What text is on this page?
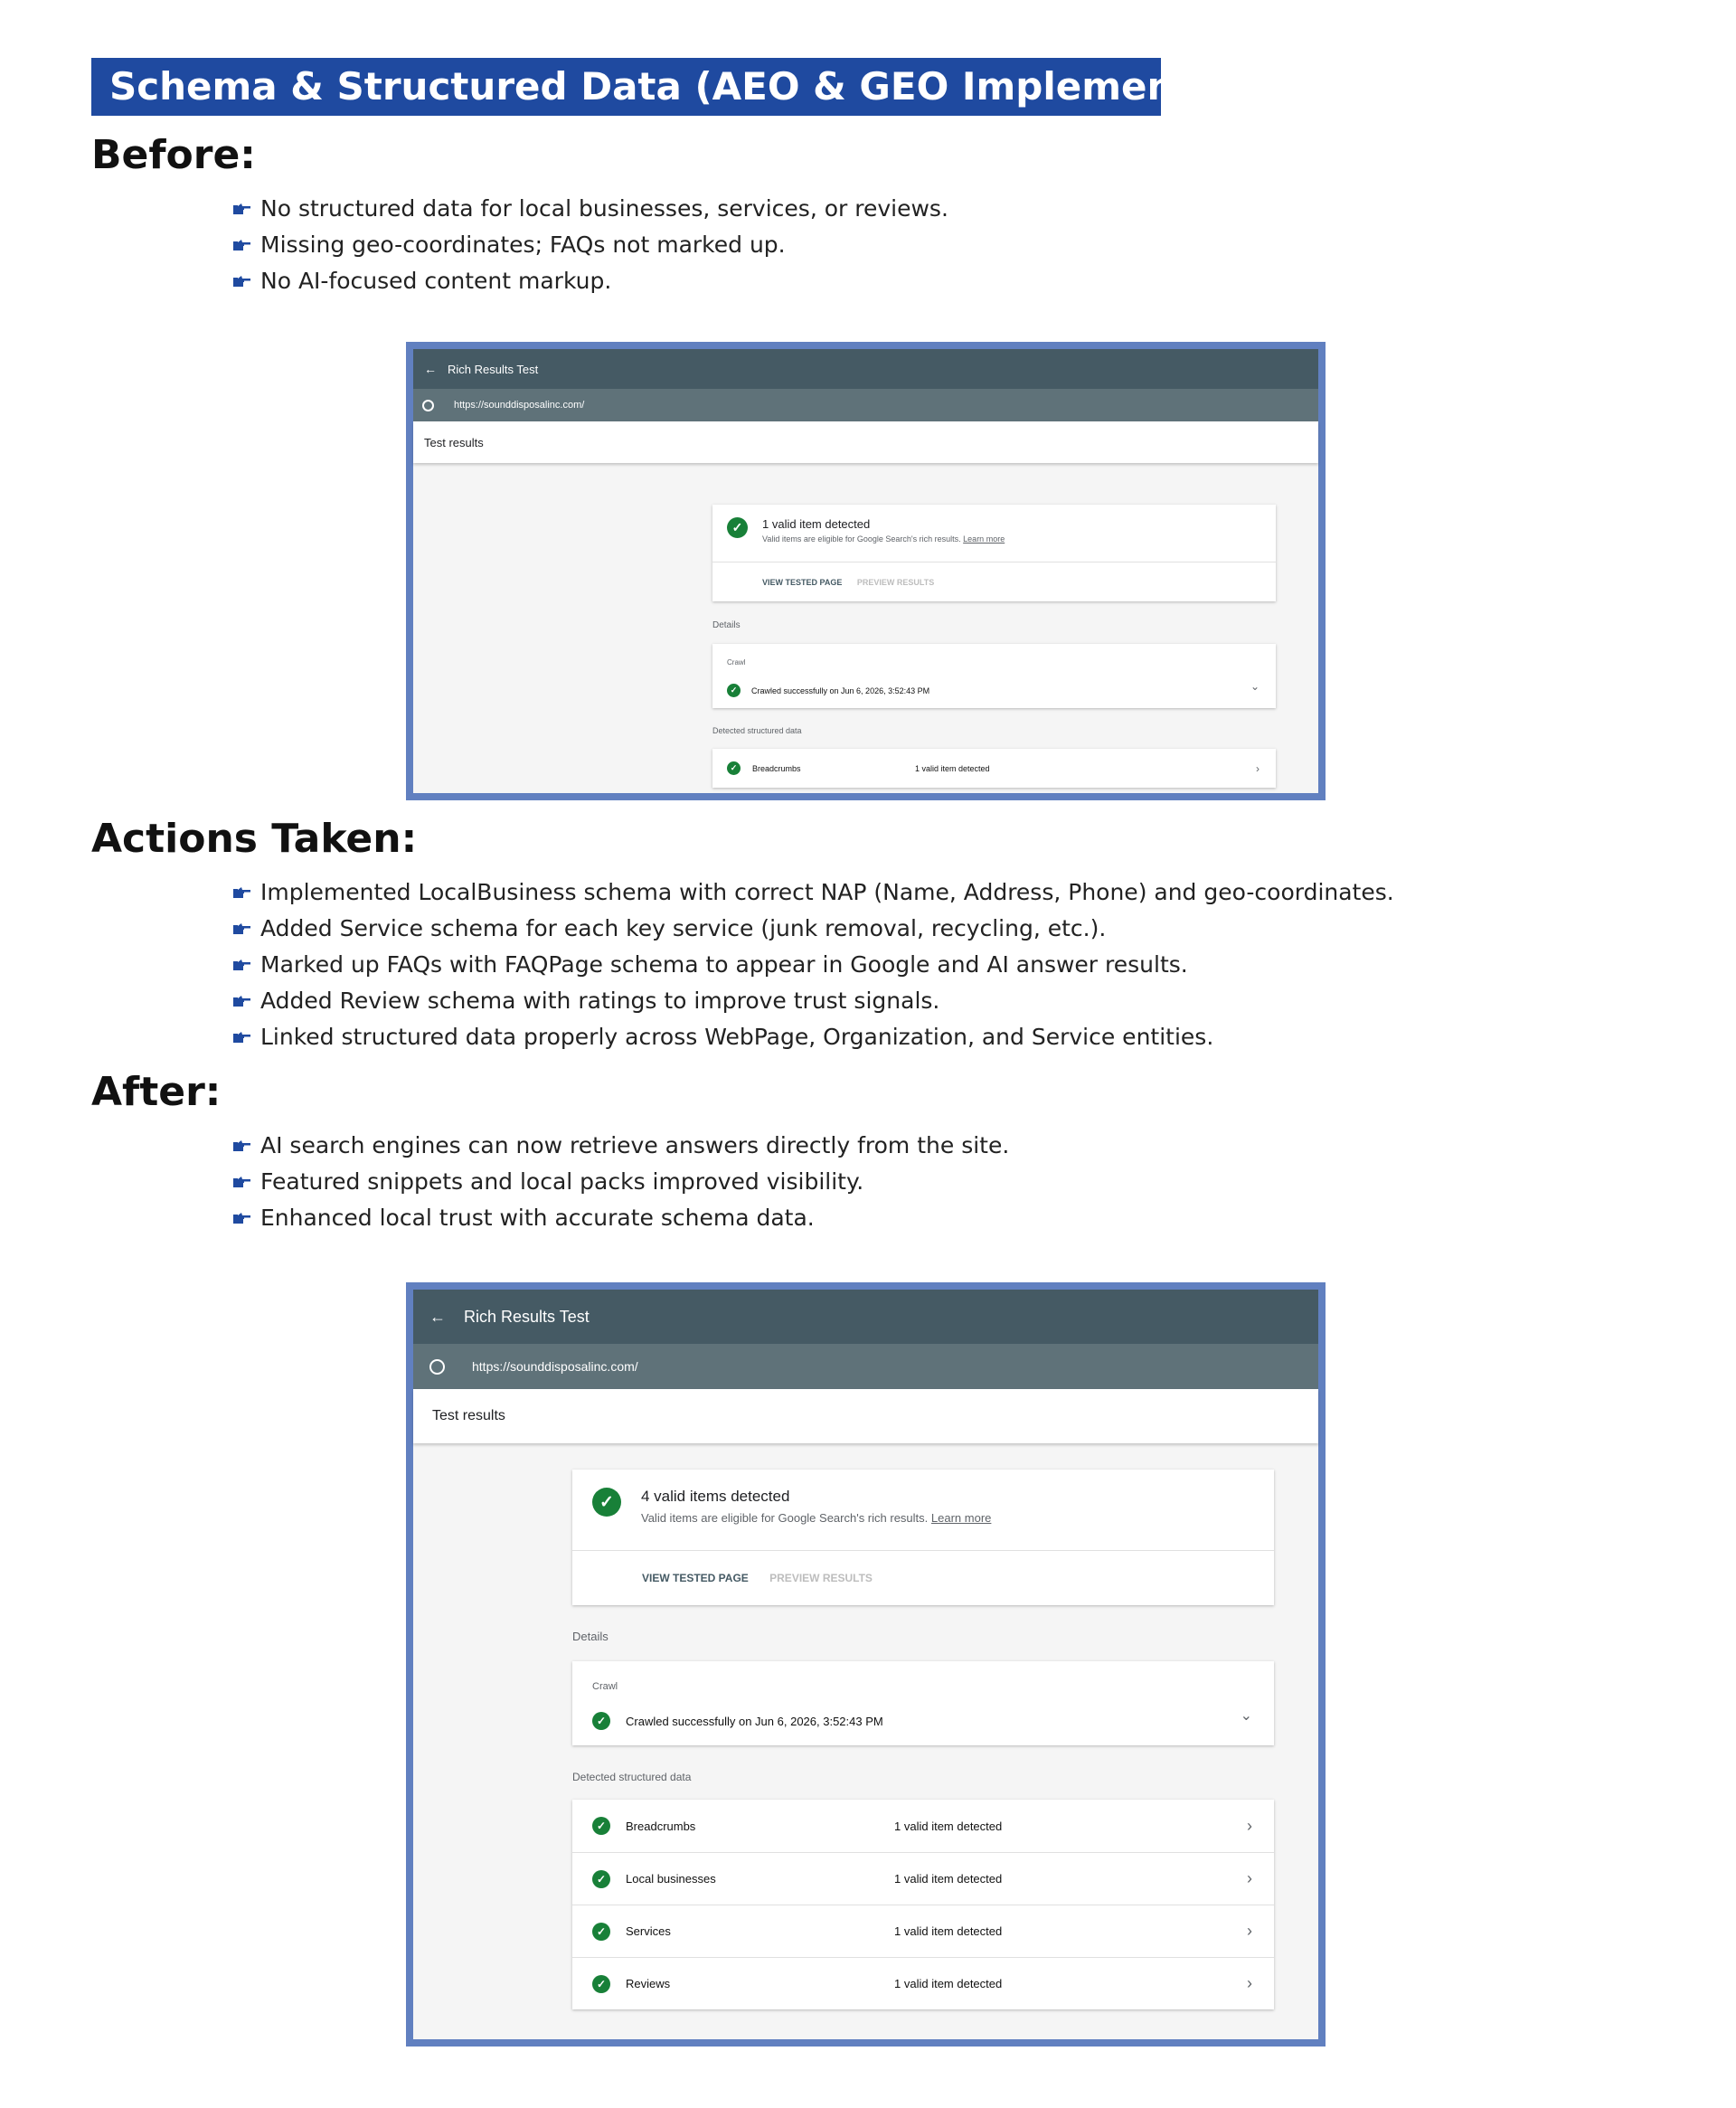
Schema & Structured Data (AEO & GEO Implementation)
Before:
No structured data for local businesses, services, or reviews.
Missing geo-coordinates; FAQs not marked up.
No AI-focused content markup.
← Rich Results Test
https://sounddisposalinc.com/
Test results
✓	1 valid item detected
Valid items are eligible for Google Search's rich results. Learn more
VIEW TESTED PAGE PREVIEW RESULTS
Details
Crawl
✓	Crawled successfully on Jun 6, 2026, 3:52:43 PM	⌄
Detected structured data
✓	Breadcrumbs	1 valid item detected	›
Actions Taken:
Implemented LocalBusiness schema with correct NAP (Name, Address, Phone) and geo-coordinates.
Added Service schema for each key service (junk removal, recycling, etc.).
Marked up FAQs with FAQPage schema to appear in Google and AI answer results.
Added Review schema with ratings to improve trust signals.
Linked structured data properly across WebPage, Organization, and Service entities.
After:
AI search engines can now retrieve answers directly from the site.
Featured snippets and local packs improved visibility.
Enhanced local trust with accurate schema data.
←	Rich Results Test
https://sounddisposalinc.com/
Test results
✓	4 valid items detected
Valid items are eligible for Google Search's rich results. Learn more
VIEW TESTED PAGE PREVIEW RESULTS
Details
Crawl
✓	Crawled successfully on Jun 6, 2026, 3:52:43 PM	⌄
Detected structured data
✓	Breadcrumbs	1 valid item detected	›
✓	Local businesses	1 valid item detected	›
✓	Services	1 valid item detected	›
✓	Reviews	1 valid item detected	›
